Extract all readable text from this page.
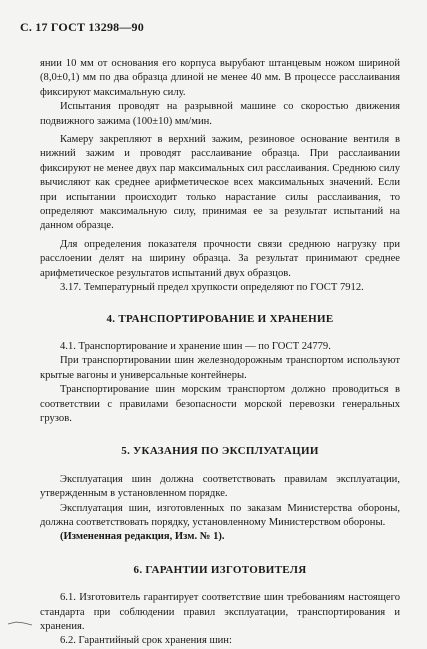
С. 17 ГОСТ 13298—90

янии 10 мм от основания его корпуса вырубают штанцевым ножом шириной (8,0±0,1) мм по два образца длиной не менее 40 мм. В процессе расслаивания фиксируют максимальную силу.

Испытания проводят на разрывной машине со скоростью движения подвижного зажима (100±10) мм/мин.

Камеру закрепляют в верхний зажим, резиновое основание вентиля в нижний зажим и проводят расслаивание образца. При расслаивании фиксируют не менее двух пар максимальных сил расслаивания. Среднюю силу вычисляют как среднее арифметическое всех максимальных значений. Если при испытании происходит только нарастание силы расслаивания, то определяют максимальную силу, принимая ее за результат испытаний на данном образце.

Для определения показателя прочности связи среднюю нагрузку при расслоении делят на ширину образца. За результат принимают среднее арифметическое результатов испытаний двух образцов.

3.17. Температурный предел хрупкости определяют по ГОСТ 7912.

4. ТРАНСПОРТИРОВАНИЕ И ХРАНЕНИЕ

4.1. Транспортирование и хранение шин — по ГОСТ 24779.

При транспортировании шин железнодорожным транспортом используют крытые вагоны и универсальные контейнеры.

Транспортирование шин морским транспортом должно проводиться в соответствии с правилами безопасности морской перевозки генеральных грузов.

5. УКАЗАНИЯ ПО ЭКСПЛУАТАЦИИ

Эксплуатация шин должна соответствовать правилам эксплуатации, утвержденным в установленном порядке.

Эксплуатация шин, изготовленных по заказам Министерства обороны, должна соответствовать порядку, установленному Министерством обороны.

(Измененная редакция, Изм. № 1).

6. ГАРАНТИИ ИЗГОТОВИТЕЛЯ

6.1. Изготовитель гарантирует соответствие шин требованиям настоящего стандарта при соблюдении правил эксплуатации, транспортирования и хранения.

6.2. Гарантийный срок хранения шин:
